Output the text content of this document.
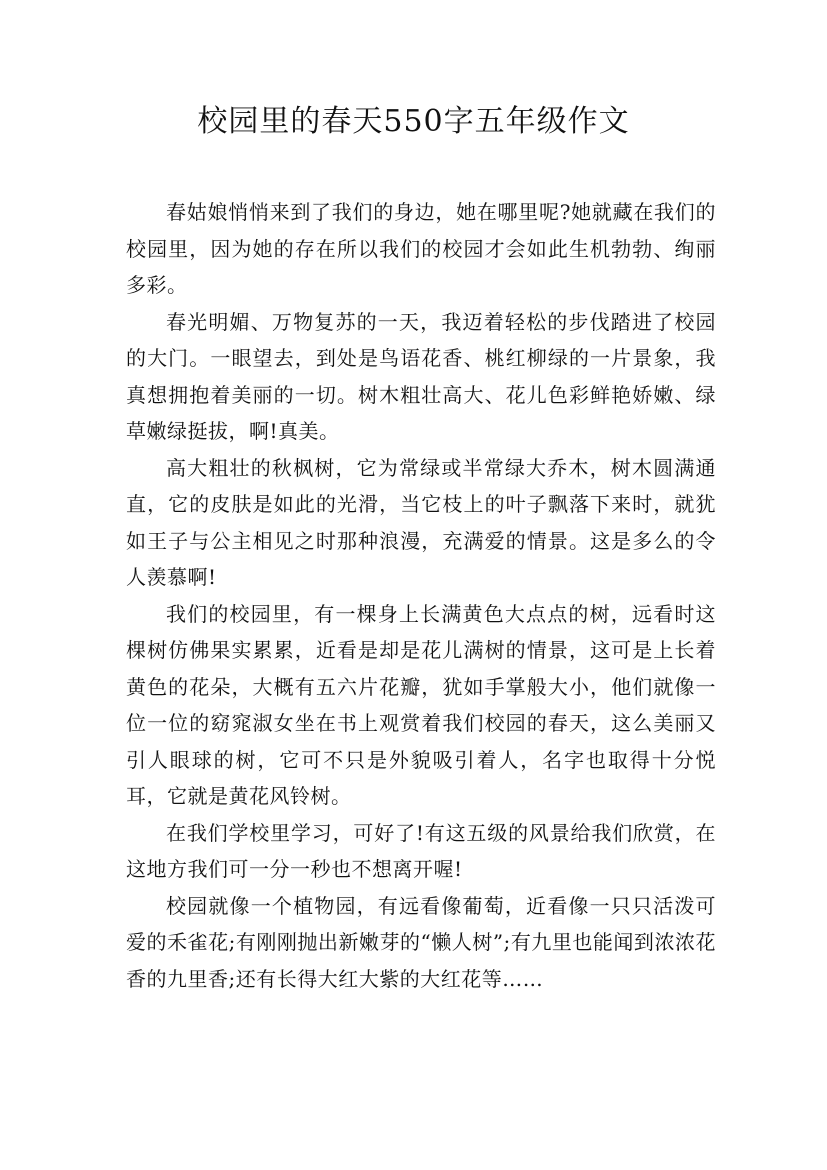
校园里的春天550字五年级作文

春姑娘悄悄来到了我们的身边，她在哪里呢?她就藏在我们的校园里，因为她的存在所以我们的校园才会如此生机勃勃、绚丽多彩。

春光明媚、万物复苏的一天，我迈着轻松的步伐踏进了校园的大门。一眼望去，到处是鸟语花香、桃红柳绿的一片景象，我真想拥抱着美丽的一切。树木粗壮高大、花儿色彩鲜艳娇嫩、绿草嫩绿挺拔，啊!真美。

高大粗壮的秋枫树，它为常绿或半常绿大乔木，树木圆满通直，它的皮肤是如此的光滑，当它枝上的叶子飘落下来时，就犹如王子与公主相见之时那种浪漫，充满爱的情景。这是多么的令人羡慕啊!

我们的校园里，有一棵身上长满黄色大点点的树，远看时这棵树仿佛果实累累，近看是却是花儿满树的情景，这可是上长着黄色的花朵，大概有五六片花瓣，犹如手掌般大小，他们就像一位一位的窈窕淑女坐在书上观赏着我们校园的春天，这么美丽又引人眼球的树，它可不只是外貌吸引着人，名字也取得十分悦耳，它就是黄花风铃树。

在我们学校里学习，可好了!有这五级的风景给我们欣赏，在这地方我们可一分一秒也不想离开喔!

校园就像一个植物园，有远看像葡萄，近看像一只只活泼可爱的禾雀花;有刚刚抛出新嫩芽的“懒人树”;有九里也能闻到浓浓花香的九里香;还有长得大红大紫的大红花等……
